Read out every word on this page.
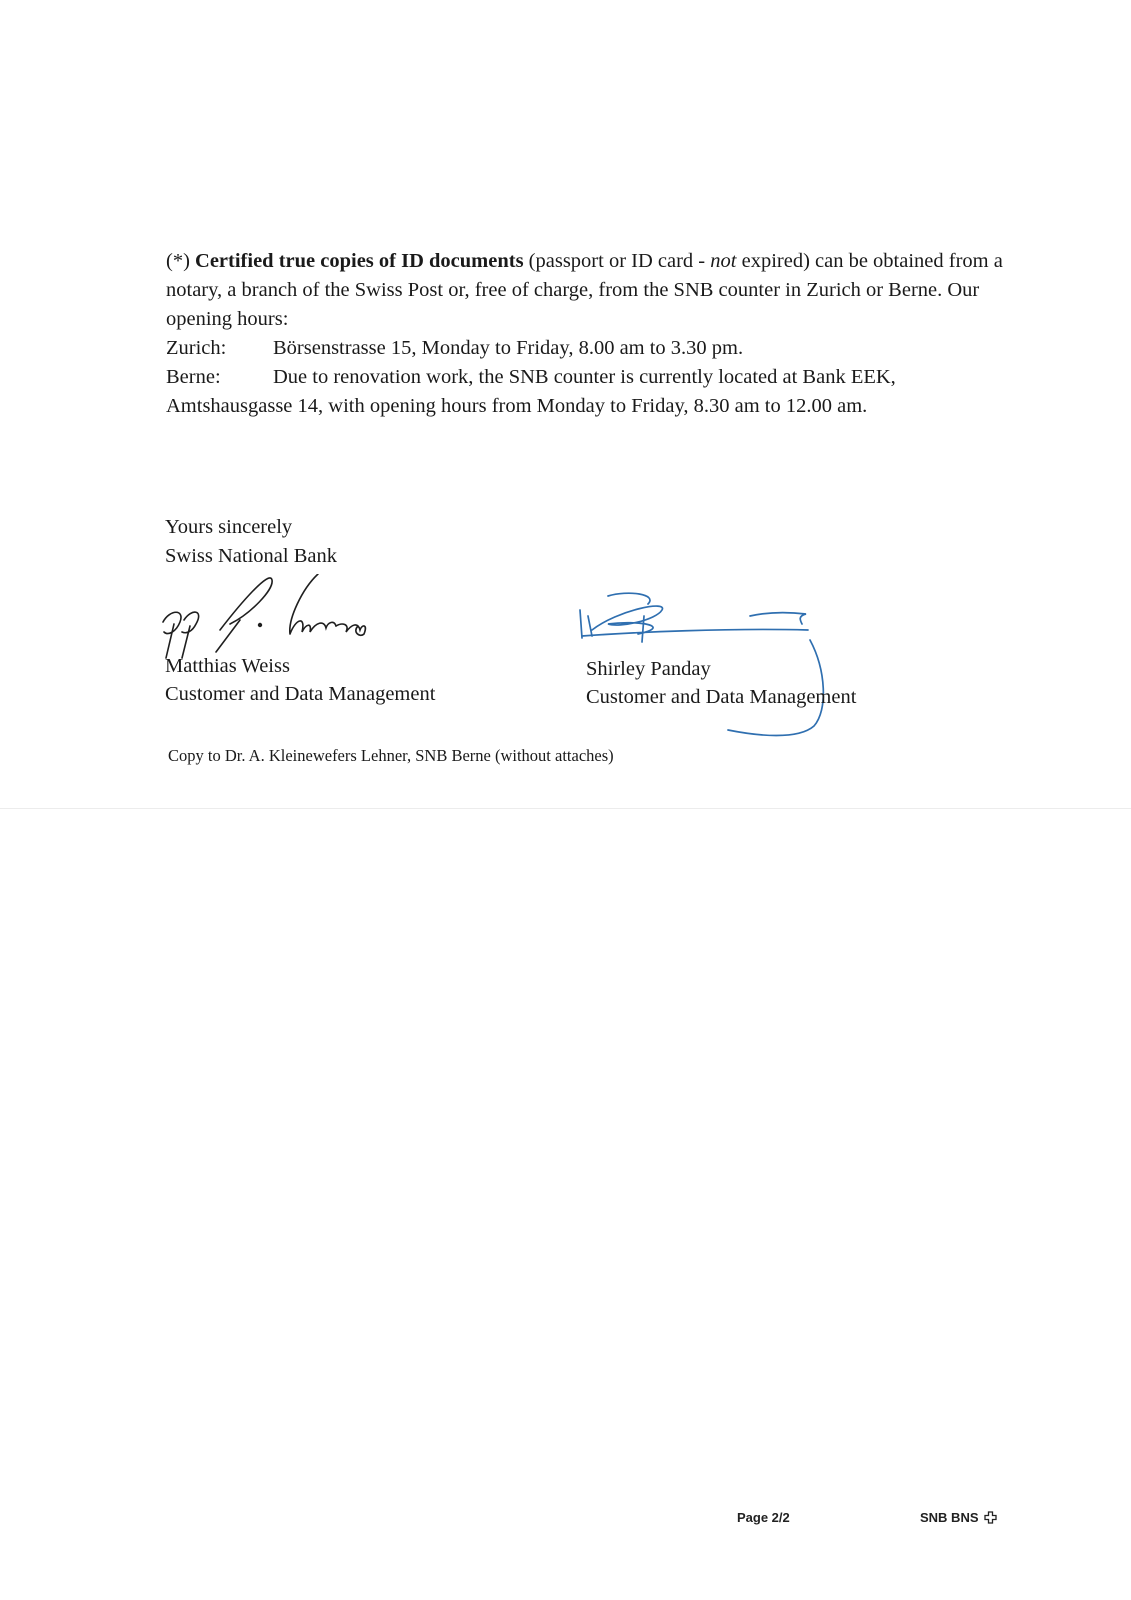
(*) Certified true copies of ID documents (passport or ID card - not expired) can be obtained from a notary, a branch of the Swiss Post or, free of charge, from the SNB counter in Zurich or Berne. Our opening hours:

Zurich:	Börsenstrasse 15, Monday to Friday, 8.00 am to 3.30 pm.
Berne:	Due to renovation work, the SNB counter is currently located at Bank EEK,
Amtshausgasse 14, with opening hours from Monday to Friday, 8.30 am to 12.00 am.
Yours sincerely
Swiss National Bank
Matthias Weiss
Customer and Data Management
Shirley Panday
Customer and Data Management
Copy to Dr. A. Kleinewefers Lehner, SNB Berne (without attaches)
Page 2/2	SNB BNS
